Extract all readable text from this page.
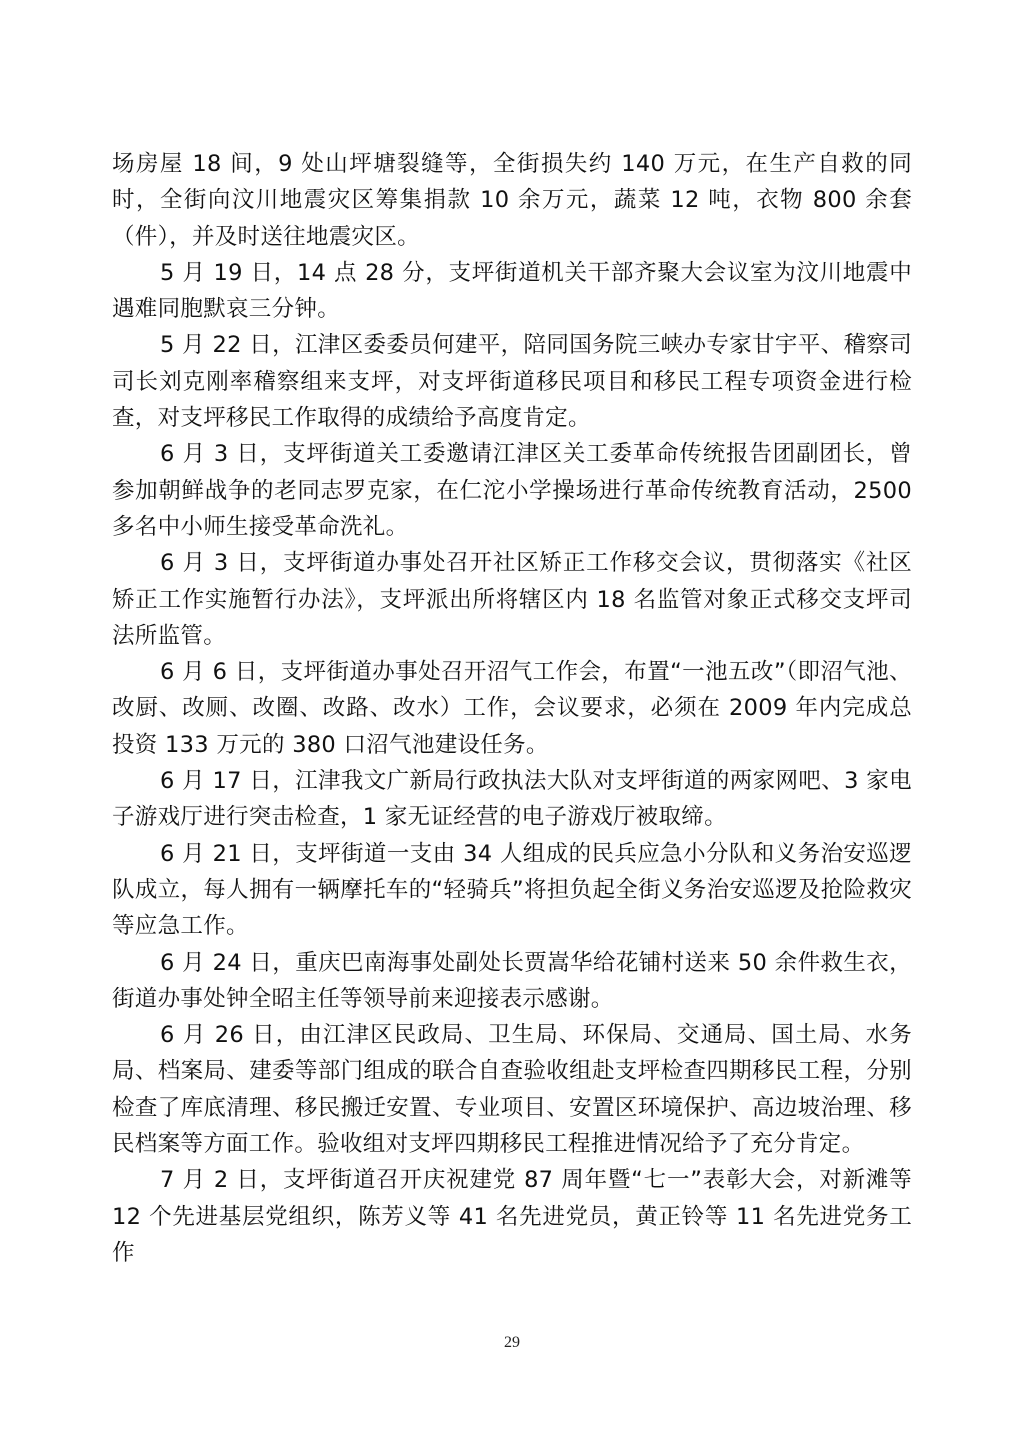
场房屋 18 间，9 处山坪塘裂缝等，全街损失约 140 万元，在生产自救的同时，全街向汶川地震灾区筹集捐款 10 余万元，蔬菜 12 吨，衣物 800 余套（件），并及时送往地震灾区。

5 月 19 日，14 点 28 分，支坪街道机关干部齐聚大会议室为汶川地震中遇难同胞默哀三分钟。

5 月 22 日，江津区委委员何建平，陪同国务院三峡办专家甘宇平、稽察司司长刘克刚率稽察组来支坪，对支坪街道移民项目和移民工程专项资金进行检查，对支坪移民工作取得的成绩给予高度肯定。

6 月 3 日，支坪街道关工委邀请江津区关工委革命传统报告团副团长，曾参加朝鲜战争的老同志罗克家，在仁沱小学操场进行革命传统教育活动，2500 多名中小师生接受革命洗礼。

6 月 3 日，支坪街道办事处召开社区矫正工作移交会议，贯彻落实《社区矫正工作实施暂行办法》，支坪派出所将辖区内 18 名监管对象正式移交支坪司法所监管。

6 月 6 日，支坪街道办事处召开沼气工作会，布置“一池五改”（即沼气池、改厨、改厕、改圈、改路、改水）工作，会议要求，必须在 2009 年内完成总投资 133 万元的 380 口沼气池建设任务。

6 月 17 日，江津我文广新局行政执法大队对支坪街道的两家网吧、3 家电子游戏厅进行突击检查，1 家无证经营的电子游戏厅被取缔。

6 月 21 日，支坪街道一支由 34 人组成的民兵应急小分队和义务治安巡逻队成立，每人拥有一辆摩托车的“轻骑兵”将担负起全街义务治安巡逻及抢险救灾等应急工作。

6 月 24 日，重庆巴南海事处副处长贾嵩华给花铺村送来 50 余件救生衣，街道办事处钟全昭主任等领导前来迎接表示感谢。

6 月 26 日，由江津区民政局、卫生局、环保局、交通局、国土局、水务局、档案局、建委等部门组成的联合自查验收组赴支坪检查四期移民工程，分别检查了库底清理、移民搬迁安置、专业项目、安置区环境保护、高边坡治理、移民档案等方面工作。验收组对支坪四期移民工程推进情况给予了充分肯定。

7 月 2 日，支坪街道召开庆祝建党 87 周年暨“七一”表彰大会，对新滩等 12 个先进基层党组织，陈芳义等 41 名先进党员，黄正铃等 11 名先进党务工作

29
